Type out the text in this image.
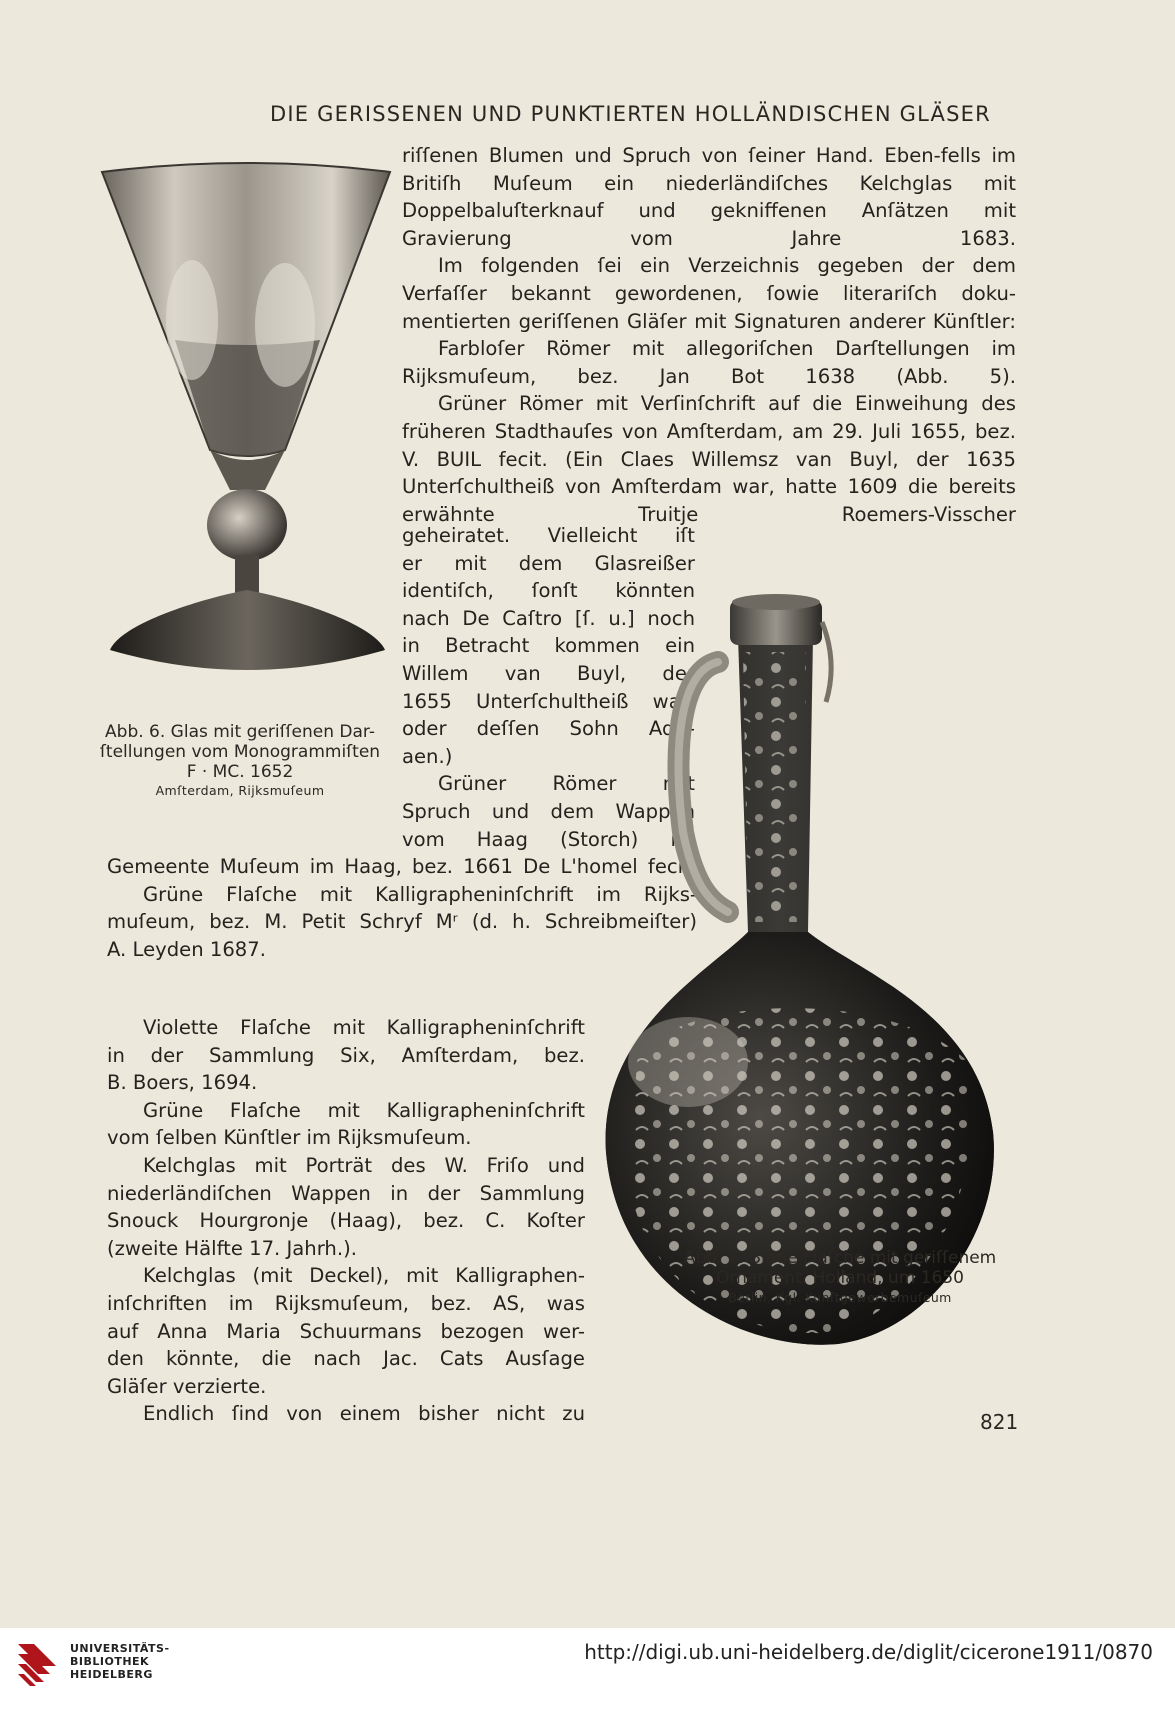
DIE GERISSENEN UND PUNKTIERTEN HOLLÄNDISCHEN GLÄSER
Abb. 6. Glas mit geriſſenen Dar-
ſtellungen vom Monogrammiſten
F · MC. 1652
Amſterdam, Rijksmuſeum

riſſenen Blumen und Spruch von ſeiner Hand. Eben-fells im Britiſh Muſeum ein niederländiſches Kelchglas mit Doppelbaluſterknauf und gekniffenen Anſätzen mit Gravierung vom Jahre 1683.

Im folgenden ſei ein Verzeichnis gegeben der dem Verfaſſer bekannt gewordenen, ſowie literariſch doku-mentierten geriſſenen Gläſer mit Signaturen anderer Künſtler:

Farbloſer Römer mit allegoriſchen Darſtellungen im Rijksmuſeum, bez. Jan Bot 1638 (Abb. 5).

Grüner Römer mit Verſinſchrift auf die Einweihung des früheren Stadthauſes von Amſterdam, am 29. Juli 1655, bez. V. BUIL fecit. (Ein Claes Willemsz van Buyl, der 1635 Unterſchultheiß von Amſterdam war, hatte 1609 die bereits erwähnte Truitje Roemers-Visscher

geheiratet. Vielleicht iſt
er mit dem Glasreißer
identiſch, ſonſt könnten
nach De Caſtro [ſ. u.] noch
in Betracht kommen ein
Willem van Buyl, der
1655 Unterſchultheiß war,
oder deſſen Sohn Adri-
aen.)
Grüner Römer mit
Spruch und dem Wappen
vom Haag (Storch) im
Gemeente Muſeum im Haag, bez. 1661 De L'homel fecit.
Grüne Flaſche mit Kalligrapheninſchrift im Rijks-
muſeum, bez. M. Petit Schryf Mʳ (d. h. Schreibmeiſter)
A. Leyden 1687.
Violette Flaſche mit Kalligrapheninſchrift
in der Sammlung Six, Amſterdam, bez.
B. Boers, 1694.
Grüne Flaſche mit Kalligrapheninſchrift
vom ſelben Künſtler im Rijksmuſeum.
Kelchglas mit Porträt des W. Friſo und
niederländiſchen Wappen in der Sammlung
Snouck Hourgronje (Haag), bez. C. Koſter
(zweite Hälfte 17. Jahrh.).
Kelchglas (mit Deckel), mit Kalligraphen-
inſchriften im Rijksmuſeum, bez. AS, was
auf Anna Maria Schuurmans bezogen wer-
den könnte, die nach Jac. Cats Ausſage
Gläſer verzierte.
Endlich ſind von einem bisher nicht zu
Abb. 7. Blaue Flaſche mit geriſſenem
Ornament. Holland, um 1650
Berlin, Kgl. Kunſtgewerbemuſeum
821
UNIVERSITÄTS-
BIBLIOTHEK
HEIDELBERG
http://digi.ub.uni-heidelberg.de/diglit/cicerone1911/0870
